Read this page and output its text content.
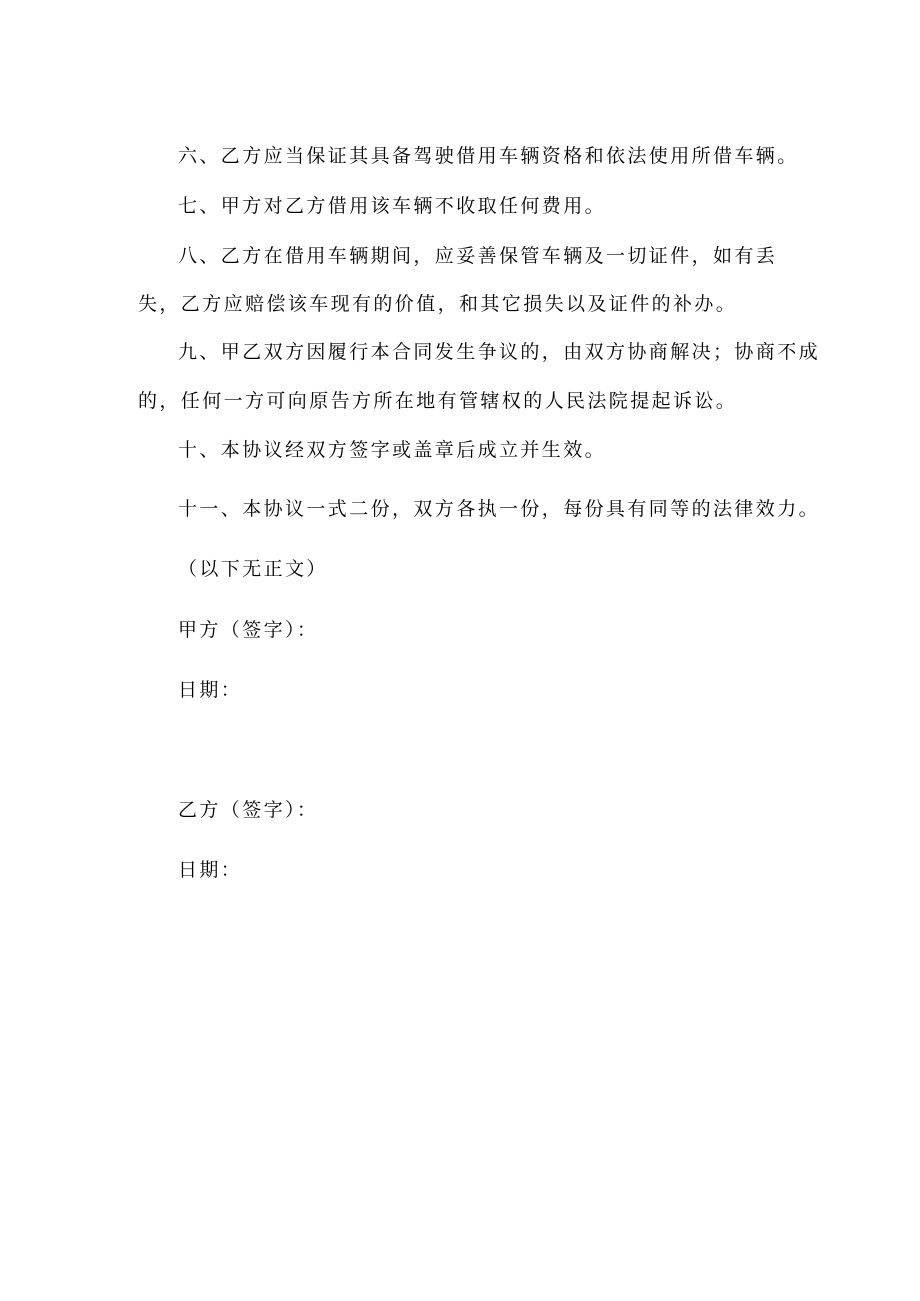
六、乙方应当保证其具备驾驶借用车辆资格和依法使用所借车辆。

七、甲方对乙方借用该车辆不收取任何费用。

八、乙方在借用车辆期间，应妥善保管车辆及一切证件，如有丢

失，乙方应赔偿该车现有的价值，和其它损失以及证件的补办。

九、甲乙双方因履行本合同发生争议的，由双方协商解决；协商不成

的，任何一方可向原告方所在地有管辖权的人民法院提起诉讼。

十、本协议经双方签字或盖章后成立并生效。

十一、本协议一式二份，双方各执一份，每份具有同等的法律效力。

（以下无正文）

甲方（签字）：

日期：

乙方（签字）：

日期：
